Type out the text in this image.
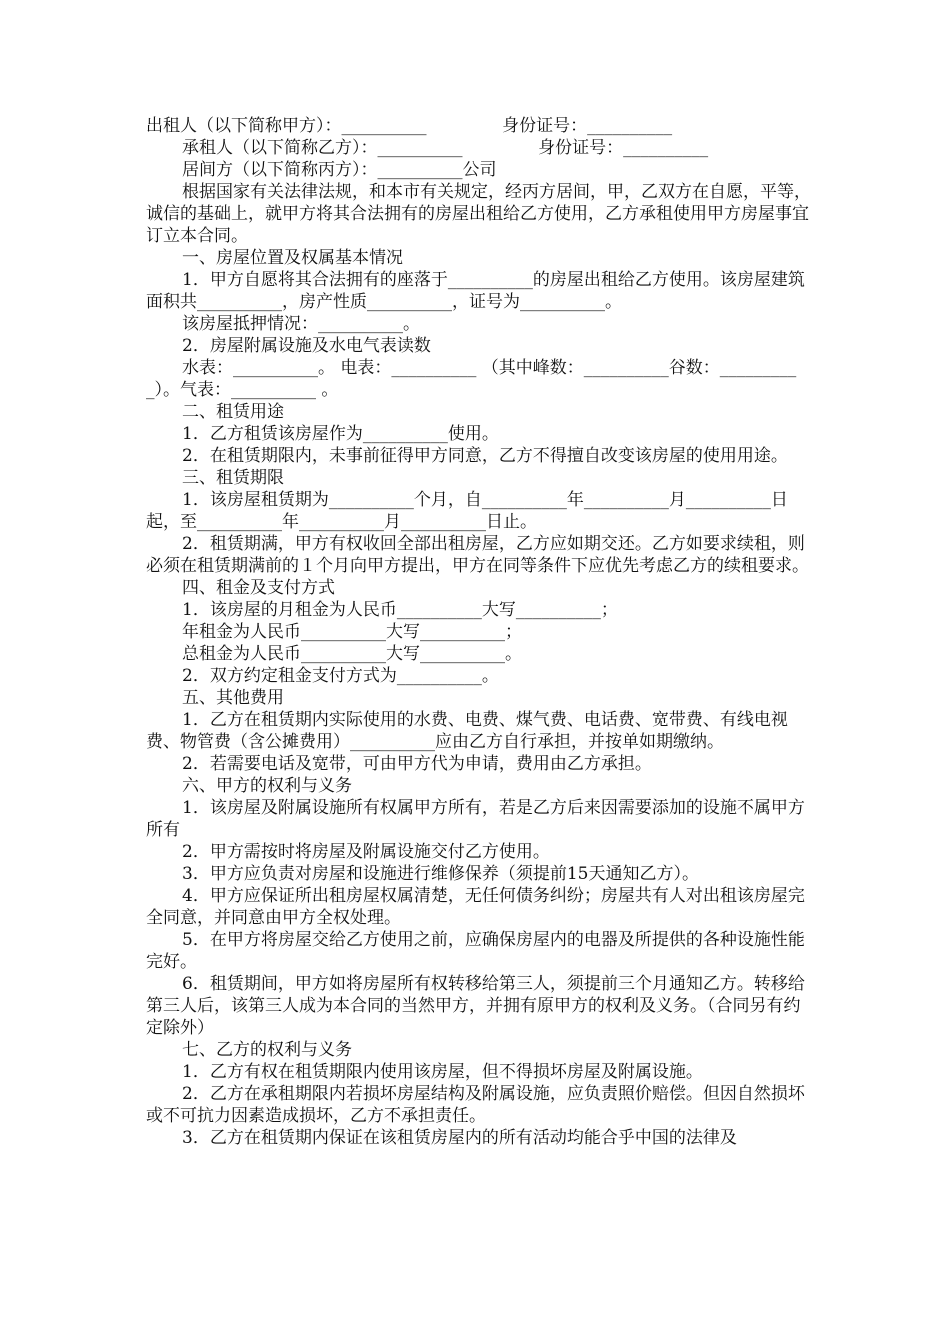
出租人（以下简称甲方）：__________              身份证号：__________
承租人（以下简称乙方）：__________              身份证号：__________
居间方（以下简称丙方）：__________公司
根据国家有关法律法规，和本市有关规定，经丙方居间，甲，乙双方在自愿，平等，诚信的基础上，就甲方将其合法拥有的房屋出租给乙方使用，乙方承租使用甲方房屋事宜订立本合同。
一、房屋位置及权属基本情况
1．甲方自愿将其合法拥有的座落于__________的房屋出租给乙方使用。该房屋建筑面积共__________，房产性质__________，证号为__________。
该房屋抵押情况：__________。
2．房屋附属设施及水电气表读数
水表：__________。 电表：__________ （其中峰数：__________谷数：__________）。气表：__________ 。
二、租赁用途
1．乙方租赁该房屋作为__________使用。
2．在租赁期限内，未事前征得甲方同意，乙方不得擅自改变该房屋的使用用途。
三、租赁期限
1．该房屋租赁期为__________个月，自__________年__________月__________日起，至__________年__________月__________日止。
2．租赁期满，甲方有权收回全部出租房屋，乙方应如期交还。乙方如要求续租，则必须在租赁期满前的１个月向甲方提出，甲方在同等条件下应优先考虑乙方的续租要求。
四、租金及支付方式
1．该房屋的月租金为人民币__________大写__________；
年租金为人民币__________大写__________；
总租金为人民币__________大写__________。
2．双方约定租金支付方式为__________。
五、其他费用
1．乙方在租赁期内实际使用的水费、电费、煤气费、电话费、宽带费、有线电视费、物管费（含公摊费用）__________应由乙方自行承担，并按单如期缴纳。
2．若需要电话及宽带，可由甲方代为申请，费用由乙方承担。
六、甲方的权利与义务
1．该房屋及附属设施所有权属甲方所有，若是乙方后来因需要添加的设施不属甲方所有
2．甲方需按时将房屋及附属设施交付乙方使用。
3．甲方应负责对房屋和设施进行维修保养（须提前15天通知乙方）。
4．甲方应保证所出租房屋权属清楚，无任何债务纠纷；房屋共有人对出租该房屋完全同意，并同意由甲方全权处理。
5．在甲方将房屋交给乙方使用之前，应确保房屋内的电器及所提供的各种设施性能完好。
6．租赁期间，甲方如将房屋所有权转移给第三人，须提前三个月通知乙方。转移给第三人后，该第三人成为本合同的当然甲方，并拥有原甲方的权利及义务。（合同另有约定除外）
七、乙方的权利与义务
1．乙方有权在租赁期限内使用该房屋，但不得损坏房屋及附属设施。
2．乙方在承租期限内若损坏房屋结构及附属设施，应负责照价赔偿。但因自然损坏或不可抗力因素造成损坏，乙方不承担责任。
3．乙方在租赁期内保证在该租赁房屋内的所有活动均能合乎中国的法律及
